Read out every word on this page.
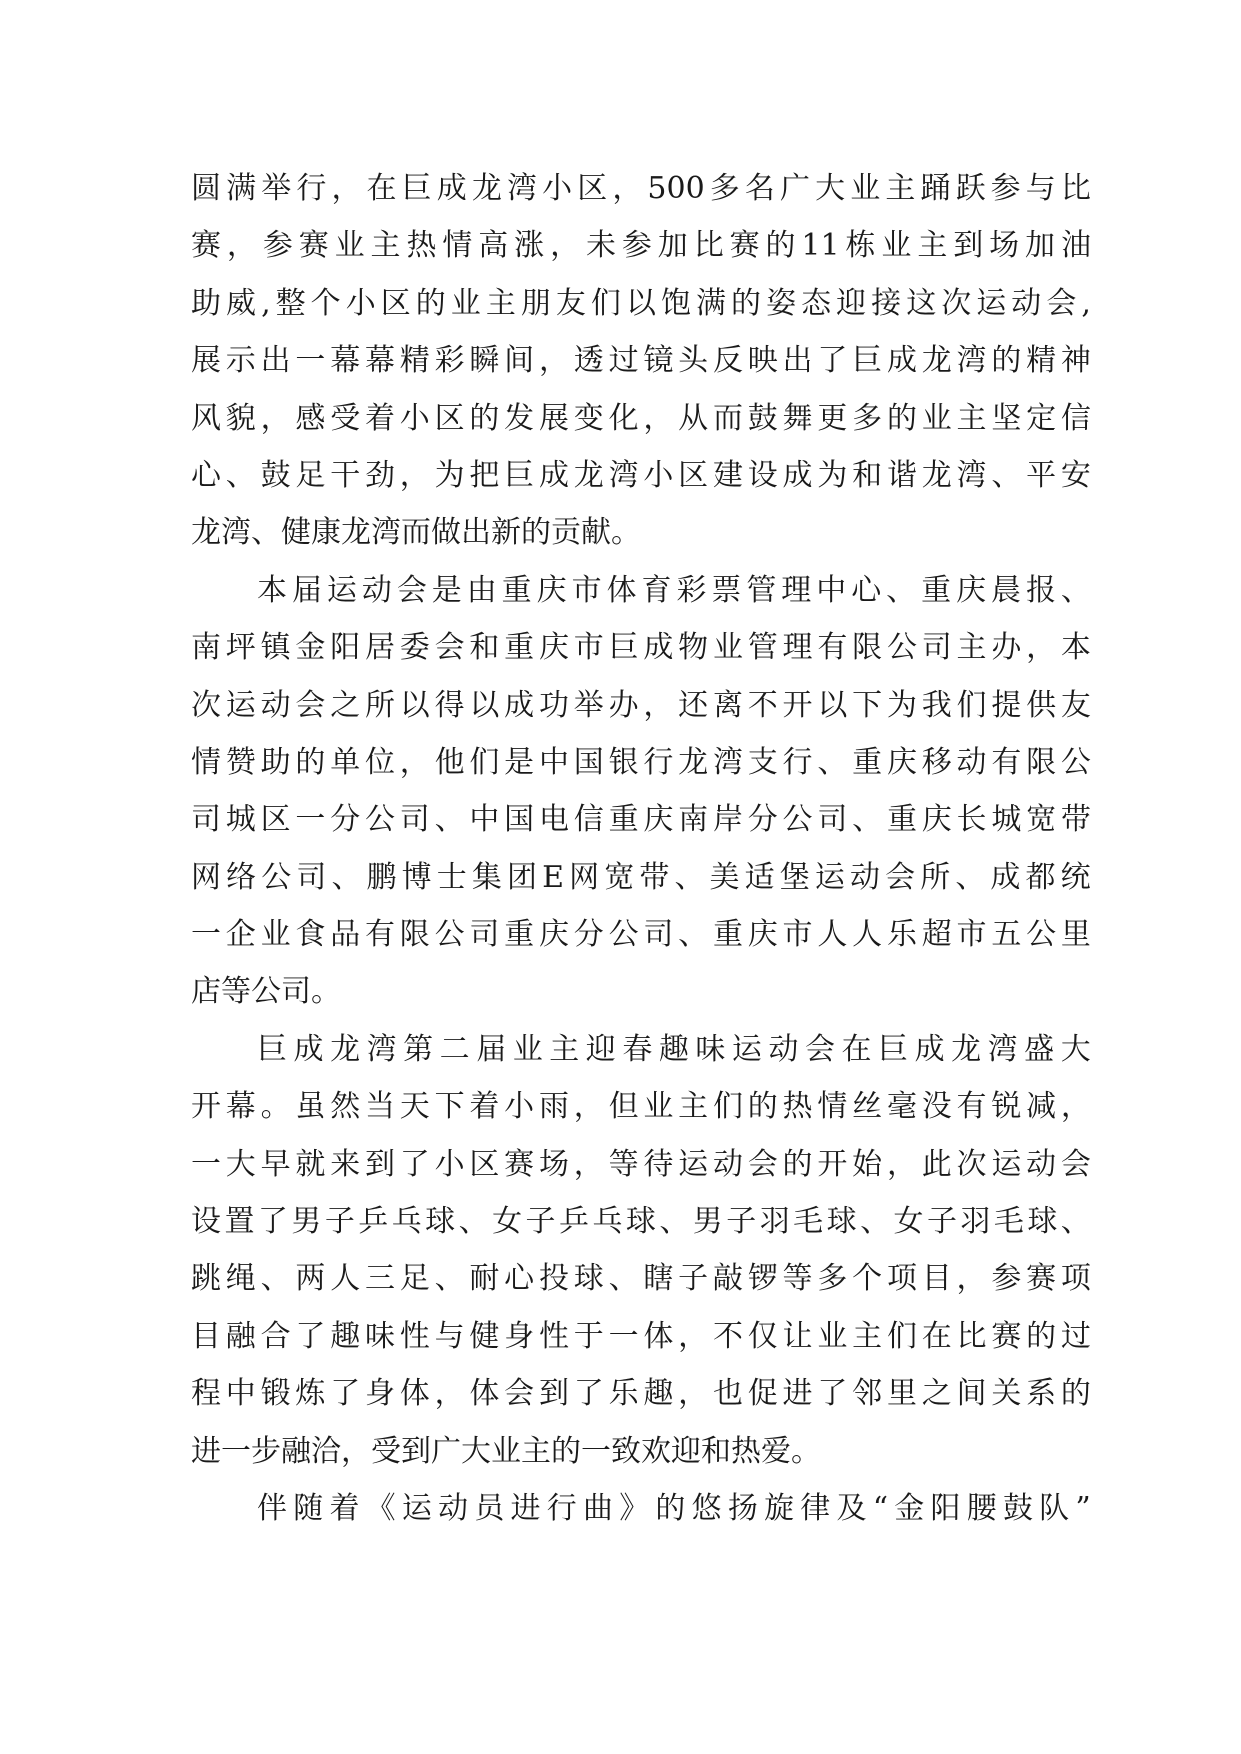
圆 满 举 行 ， 在 巨 成 龙 湾 小 区 ， 500 多 名 广 大 业 主 踊 跃 参 与 比
赛 ， 参 赛 业 主 热 情 高 涨 ， 未 参 加 比 赛 的 11 栋 业 主 到 场 加 油
助 威 , 整 个 小 区 的 业 主 朋 友 们 以 饱 满 的 姿 态 迎 接 这 次 运 动 会 ,
展 示 出 一 幕 幕 精 彩 瞬 间 ， 透 过 镜 头 反 映 出 了 巨 成 龙 湾 的 精 神
风 貌 ， 感 受 着 小 区 的 发 展 变 化 ， 从 而 鼓 舞 更 多 的 业 主 坚 定 信
心 、 鼓 足 干 劲 ， 为 把 巨 成 龙 湾 小 区 建 设 成 为 和 谐 龙 湾 、 平 安
龙 湾 、 健 康 龙 湾 而 做 出 新 的 贡 献 。
本 届 运 动 会 是 由 重 庆 市 体 育 彩 票 管 理 中 心 、 重 庆 晨 报 、
南 坪 镇 金 阳 居 委 会 和 重 庆 市 巨 成 物 业 管 理 有 限 公 司 主 办 ， 本
次 运 动 会 之 所 以 得 以 成 功 举 办 ， 还 离 不 开 以 下 为 我 们 提 供 友
情 赞 助 的 单 位 ， 他 们 是 中 国 银 行 龙 湾 支 行 、 重 庆 移 动 有 限 公
司 城 区 一 分 公 司 、 中 国 电 信 重 庆 南 岸 分 公 司 、 重 庆 长 城 宽 带
网 络 公 司 、 鹏 博 士 集 团 E 网 宽 带 、 美 适 堡 运 动 会 所 、 成 都 统
一 企 业 食 品 有 限 公 司 重 庆 分 公 司 、 重 庆 市 人 人 乐 超 市 五 公 里
店 等 公 司 。
巨 成 龙 湾 第 二 届 业 主 迎 春 趣 味 运 动 会 在 巨 成 龙 湾 盛 大
开 幕 。 虽 然 当 天 下 着 小 雨 ， 但 业 主 们 的 热 情 丝 毫 没 有 锐 减 ，
一 大 早 就 来 到 了 小 区 赛 场 ， 等 待 运 动 会 的 开 始 ， 此 次 运 动 会
设 置 了 男 子 乒 乓 球 、 女 子 乒 乓 球 、 男 子 羽 毛 球 、 女 子 羽 毛 球 、
跳 绳 、 两 人 三 足 、 耐 心 投 球 、 瞎 子 敲 锣 等 多 个 项 目 ， 参 赛 项
目 融 合 了 趣 味 性 与 健 身 性 于 一 体 ， 不 仅 让 业 主 们 在 比 赛 的 过
程 中 锻 炼 了 身 体 ， 体 会 到 了 乐 趣 ， 也 促 进 了 邻 里 之 间 关 系 的
进 一 步 融 洽 ， 受 到 广 大 业 主 的 一 致 欢 迎 和 热 爱 。
伴 随 着 《 运 动 员 进 行 曲 》 的 悠 扬 旋 律 及 “ 金 阳 腰 鼓 队 ”
